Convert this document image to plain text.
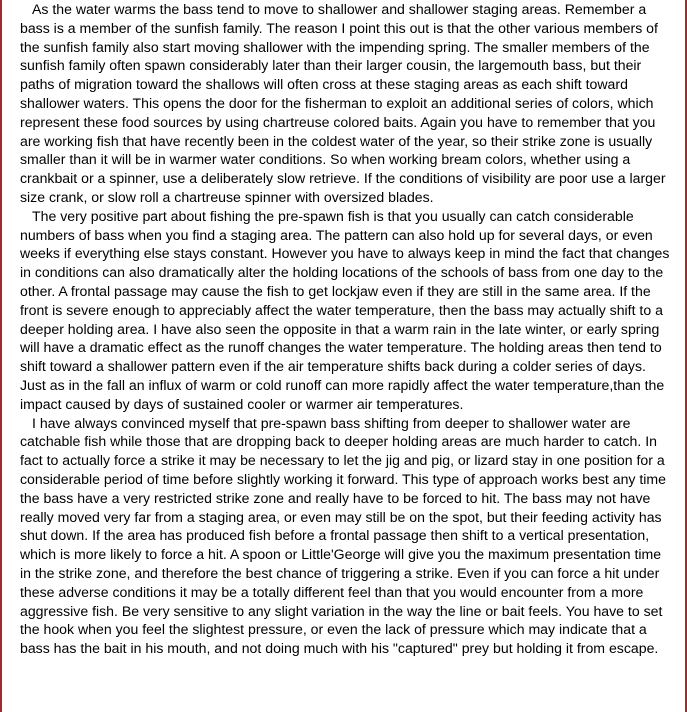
As the water warms the bass tend to move to shallower and shallower staging areas. Remember a bass is a member of the sunfish family. The reason I point this out is that the other various members of the sunfish family also start moving shallower with the impending spring. The smaller members of the sunfish family often spawn considerably later than their larger cousin, the largemouth bass, but their paths of migration toward the shallows will often cross at these staging areas as each shift toward shallower waters. This opens the door for the fisherman to exploit an additional series of colors, which represent these food sources by using chartreuse colored baits. Again you have to remember that you are working fish that have recently been in the coldest water of the year, so their strike zone is usually smaller than it will be in warmer water conditions. So when working bream colors, whether using a crankbait or a spinner, use a deliberately slow retrieve. If the conditions of visibility are poor use a larger size crank, or slow roll a chartreuse spinner with oversized blades.

The very positive part about fishing the pre-spawn fish is that you usually can catch considerable numbers of bass when you find a staging area. The pattern can also hold up for several days, or even weeks if everything else stays constant. However you have to always keep in mind the fact that changes in conditions can also dramatically alter the holding locations of the schools of bass from one day to the other. A frontal passage may cause the fish to get lockjaw even if they are still in the same area. If the front is severe enough to appreciably affect the water temperature, then the bass may actually shift to a deeper holding area. I have also seen the opposite in that a warm rain in the late winter, or early spring will have a dramatic effect as the runoff changes the water temperature. The holding areas then tend to shift toward a shallower pattern even if the air temperature shifts back during a colder series of days. Just as in the fall an influx of warm or cold runoff can more rapidly affect the water temperature,than the impact caused by days of sustained cooler or warmer air temperatures.

I have always convinced myself that pre-spawn bass shifting from deeper to shallower water are catchable fish while those that are dropping back to deeper holding areas are much harder to catch. In fact to actually force a strike it may be necessary to let the jig and pig, or lizard stay in one position for a considerable period of time before slightly working it forward. This type of approach works best any time the bass have a very restricted strike zone and really have to be forced to hit. The bass may not have really moved very far from a staging area, or even may still be on the spot, but their feeding activity has shut down. If the area has produced fish before a frontal passage then shift to a vertical presentation, which is more likely to force a hit. A spoon or Little'George will give you the maximum presentation time in the strike zone, and therefore the best chance of triggering a strike. Even if you can force a hit under these adverse conditions it may be a totally different feel than that you would encounter from a more aggressive fish. Be very sensitive to any slight variation in the way the line or bait feels. You have to set the hook when you feel the slightest pressure, or even the lack of pressure which may indicate that a bass has the bait in his mouth, and not doing much with his "captured" prey but holding it from escape.
